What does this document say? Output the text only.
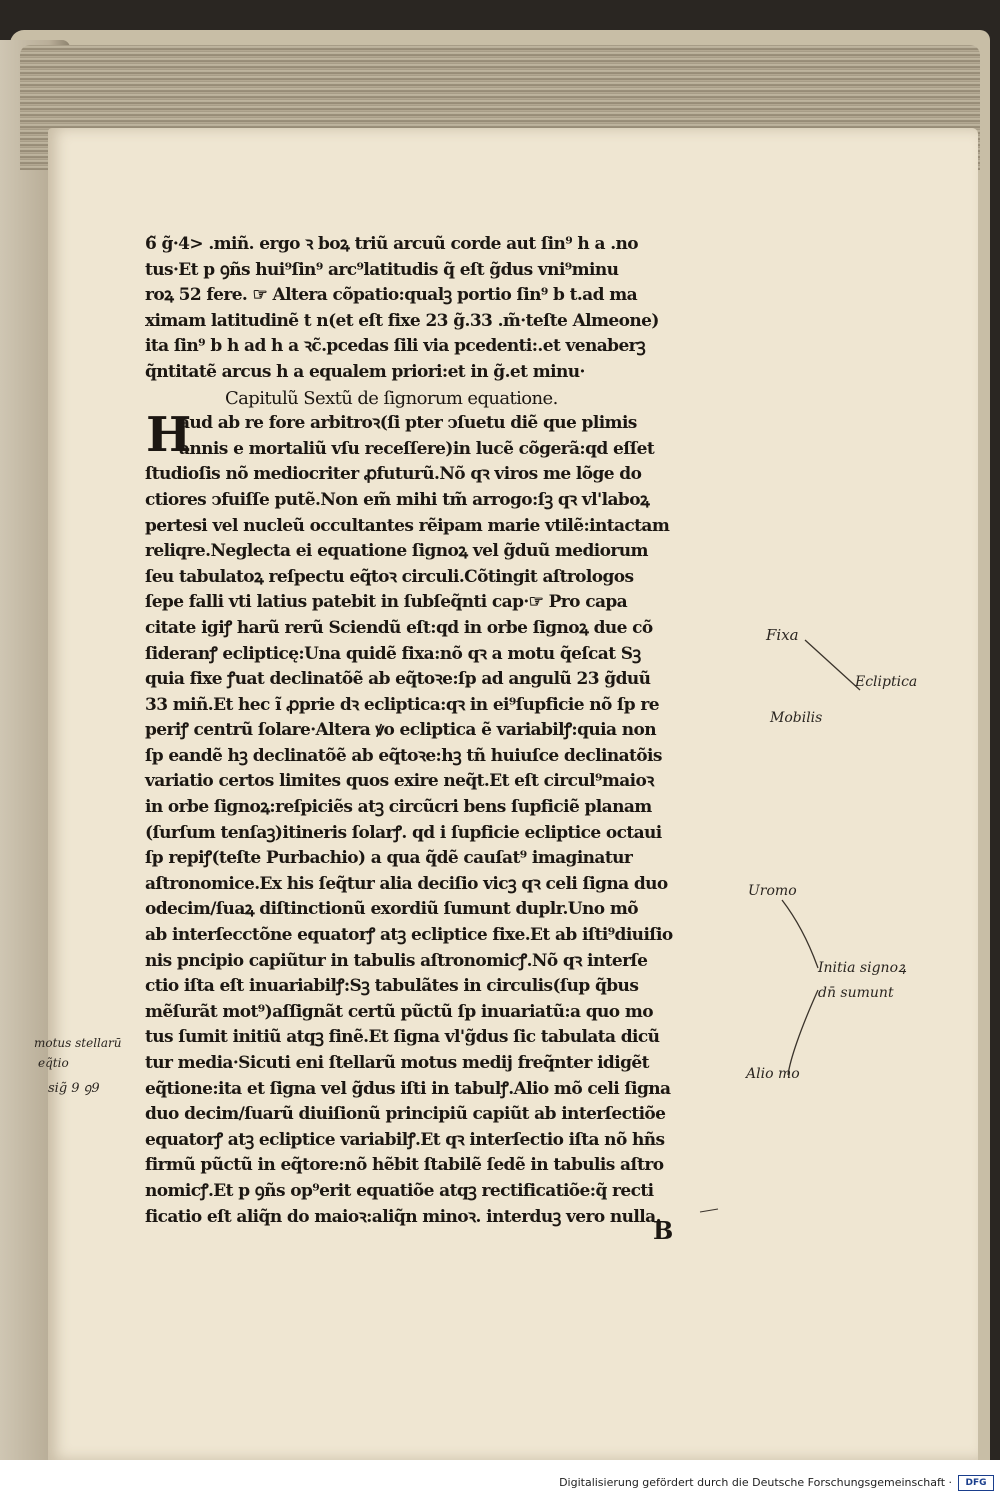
H
6̃ g̃·4> .miñ. ergo ꝛ boꝝ triũ arcuũ corde aut ſin⁹ h a .no
tus·Et p ꝯñs hui⁹ſin⁹ arc⁹latitudis q̃ eſt g̃dus vni⁹minu
roꝝ 52 fere. ☞ Altera cõpatio:qualꝫ portio ſin⁹ b t.ad ma
ximam latitudinẽ t n(et eſt fixe 23 g̃.33 .m̃·teſte Almeone)
ita ſin⁹ b h ad h a ꝛc̃.pcedas ſili via pcedenti:.et venaberꝫ
q̃ntitatẽ arcus h a equalem priori:et in g̃.et minu·
Capitulũ Sextũ de ſignorum equatione.
aud ab re fore arbitroꝛ(ſi pter ↄſuetu diẽ que plimis
annis e mortaliũ vſu receſſere)in lucẽ cõgerã:qd eſſet
ſtudioſis nõ mediocriter ꝓfuturũ.Nõ qꝛ viros me lõge do
ctiores ↄfuiſſe putẽ.Non em̃ mihi tm̃ arrogo:ſꝫ qꝛ vl'laboꝝ
pertesi vel nucleũ occultantes rẽipam marie vtilẽ:intactam
reliqre.Neglecta ei equatione ſignoꝝ vel g̃duũ mediorum
ſeu tabulatoꝝ reſpectu eq̃toꝛ circuli.Cõtingit aſtrologos
ſepe falli vti latius patebit in ſubſeq̃nti cap·☞ Pro capa
citate igiꝭ harũ rerũ Sciendũ eſt:qd in orbe ſignoꝝ due cõ
ſideranꝭ eclipticę:Una quidẽ fixa:nõ qꝛ a motu q̃eſcat Sꝫ
quia fixe ꝭuat declinatõẽ ab eq̃toꝛe:ſp ad angulũ 23 g̃duũ
33 miñ.Et hec ĩ ꝓprie dꝛ ecliptica:qꝛ in ei⁹ſupficie nõ ſp re
periꝭ centrũ ſolare·Altera ꝟo ecliptica ẽ variabilꝭ:quia non
ſp eandẽ hꝫ declinatõẽ ab eq̃toꝛe:hꝫ tñ huiuſce declinatõis
variatio certos limites quos exire neq̃t.Et eſt circul⁹maioꝛ
in orbe ſignoꝝ:reſpiciẽs atꝫ circũcri bens ſupficiẽ planam
(ſurſum tenſaꝫ)itineris ſolarꝭ. qd i ſupficie ecliptice octaui
ſp repiꝭ(teſte Purbachio) a qua q̃dẽ cauſat⁹ imaginatur
aſtronomice.Ex his ſeq̃tur alia deciſio vicꝫ qꝛ celi ſigna duo
odecim/ſuaꝝ diſtinctionũ exordiũ ſumunt duplr.Uno mõ
ab interſecctõne equatorꝭ atꝫ ecliptice fixe.Et ab iſti⁹diuiſio
nis pncipio capiũtur in tabulis aſtronomicꝭ.Nõ qꝛ interſe
ctio iſta eſt inuariabilꝭ:Sꝫ tabulãtes in circulis(ſup q̃bus
mẽſurãt mot⁹)aſſignãt certũ pũctũ ſp inuariatũ:a quo mo
tus ſumit initiũ atqꝫ finẽ.Et ſigna vl'g̃dus ſic tabulata dicũ
tur media·Sicuti eni ſtellarũ motus medij freq̃nter idigẽt
eq̃tione:ita et ſigna vel g̃dus iſti in tabulꝭ.Alio mõ celi ſigna
duo decim/ſuarũ diuiſionũ principiũ capiũt ab interſectiõe
equatorꝭ atꝫ ecliptice variabilꝭ.Et qꝛ interſectio iſta nõ hñs
firmũ pũctũ in eq̃tore:nõ hẽbit ſtabilẽ ſedẽ in tabulis aſtro
nomicꝭ.Et p ꝯñs op⁹erit equatiõe atqꝫ rectificatiõe:q̃ recti
ficatio eſt aliq̃n do maioꝛ:aliq̃n minoꝛ. interduꝫ vero nulla.
B
Fixa
Ecliptica
Mobilis
Uromo
Initia signoꝝ
dn̄ sumunt
Alio mo
motus stellarū
eq̃tio
sig̃ 9 ꝯ9
Digitalisierung gefördert durch die Deutsche Forschungsgemeinschaft ·	DFG
